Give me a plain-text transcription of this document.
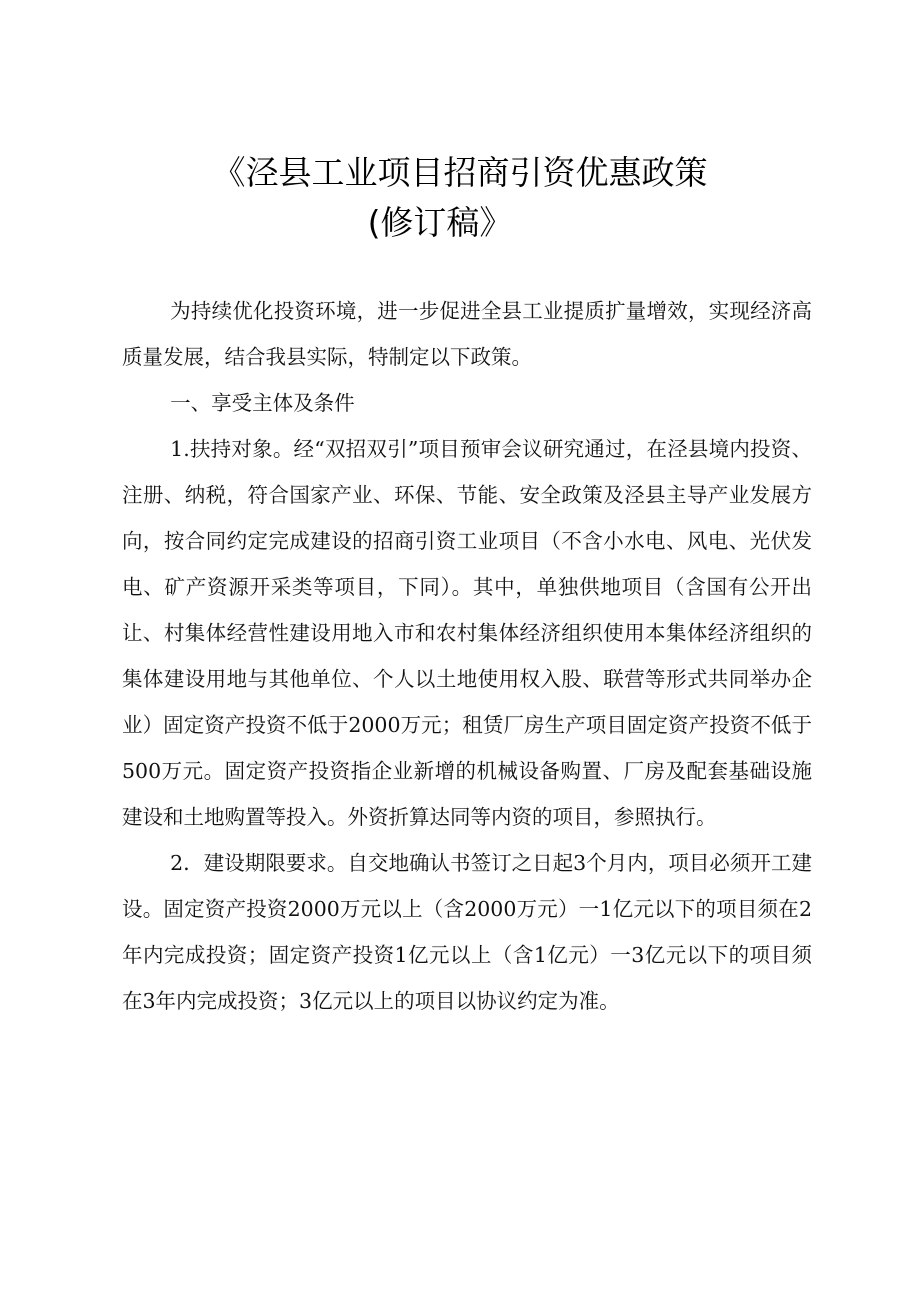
《泾县工业项目招商引资优惠政策
(修订稿》

为持续优化投资环境，进一步促进全县工业提质扩量增效，实现经济高质量发展，结合我县实际，特制定以下政策。

一、享受主体及条件

1.扶持对象。经“双招双引”项目预审会议研究通过，在泾县境内投资、注册、纳税，符合国家产业、环保、节能、安全政策及泾县主导产业发展方向，按合同约定完成建设的招商引资工业项目（不含小水电、风电、光伏发电、矿产资源开采类等项目，下同）。其中，单独供地项目（含国有公开出让、村集体经营性建设用地入市和农村集体经济组织使用本集体经济组织的集体建设用地与其他单位、个人以土地使用权入股、联营等形式共同举办企业）固定资产投资不低于2000万元；租赁厂房生产项目固定资产投资不低于500万元。固定资产投资指企业新增的机械设备购置、厂房及配套基础设施建设和土地购置等投入。外资折算达同等内资的项目，参照执行。

2．建设期限要求。自交地确认书签订之日起3个月内，项目必须开工建设。固定资产投资2000万元以上（含2000万元）一1亿元以下的项目须在2年内完成投资；固定资产投资1亿元以上（含1亿元）一3亿元以下的项目须在3年内完成投资；3亿元以上的项目以协议约定为准。
